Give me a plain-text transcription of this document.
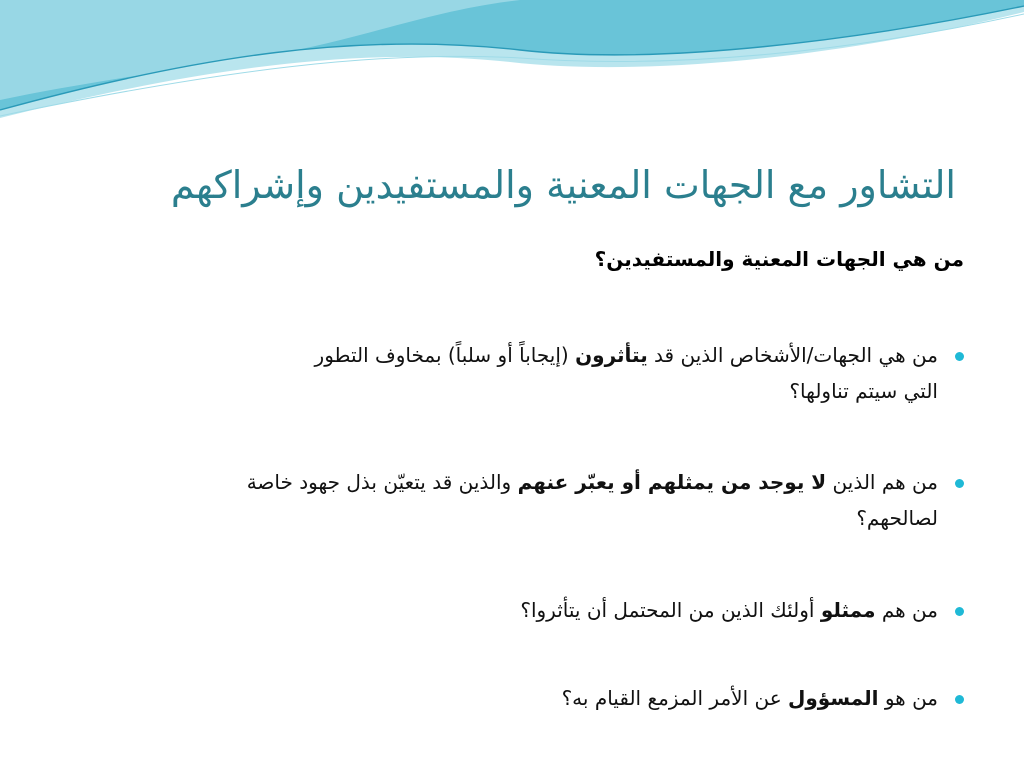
التشاور مع الجهات المعنية والمستفيدين وإشراكهم
من هي الجهات المعنية والمستفيدين؟
من هي الجهات/الأشخاص الذين قد يتأثرون (إيجاباً أو سلباً) بمخاوف التطور
التي سيتم تناولها؟
من هم الذين لا يوجد من يمثلهم أو يعبّر عنهم والذين قد يتعيّن بذل جهود خاصة
لصالحهم؟
من هم ممثلو أولئك الذين من المحتمل أن يتأثروا؟
من هو المسؤول عن الأمر المزمع القيام به؟
